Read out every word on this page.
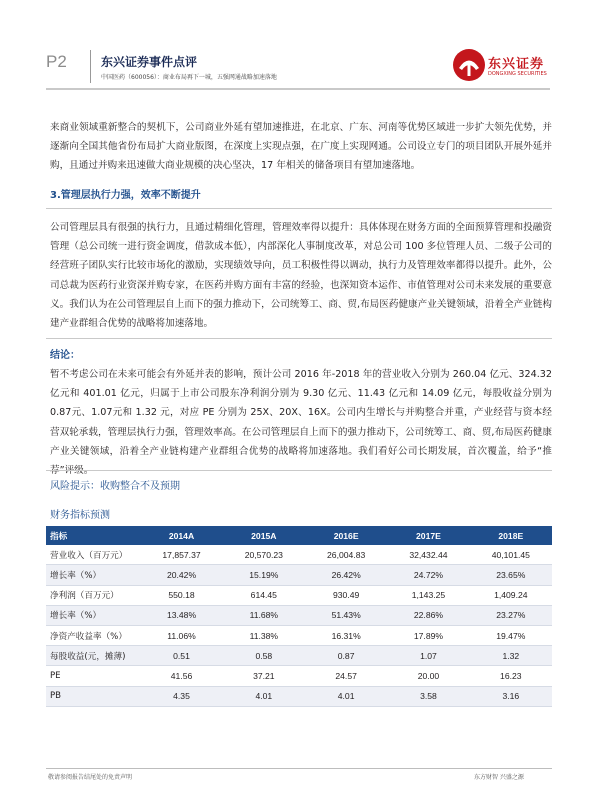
P2	东兴证券事件点评
中国医药（600056）：商业布局再下一城，五强网通战略加速落地
东兴证券
DONGXING SECURITIES

来商业领域重新整合的契机下，公司商业外延有望加速推进，在北京、广东、河南等优势区域进一步扩大领先优势，并逐渐向全国其他省份布局扩大商业版图，在深度上实现点强，在广度上实现网通。公司设立专门的项目团队开展外延并购，且通过并购来迅速做大商业规模的决心坚决，17 年相关的储备项目有望加速落地。

3.管理层执行力强，效率不断提升

公司管理层具有很强的执行力，且通过精细化管理，管理效率得以提升：具体体现在财务方面的全面预算管理和投融资管理（总公司统一进行资金调度，借款成本低），内部深化人事制度改革，对总公司 100 多位管理人员、二级子公司的经营班子团队实行比较市场化的激励，实现绩效导向，员工积极性得以调动，执行力及管理效率都得以提升。此外，公司总裁为医药行业资深并购专家，在医药并购方面有丰富的经验，也深知资本运作、市值管理对公司未来发展的重要意义。我们认为在公司管理层自上而下的强力推动下，公司统筹工、商、贸,布局医药健康产业关键领域，沿着全产业链构建产业群组合优势的战略将加速落地。

结论：

暂不考虑公司在未来可能会有外延并表的影响，预计公司 2016 年-2018 年的营业收入分别为 260.04 亿元、324.32 亿元和 401.01 亿元，归属于上市公司股东净利润分别为 9.30 亿元、11.43 亿元和 14.09 亿元，每股收益分别为 0.87元、1.07元和 1.32 元，对应 PE 分别为 25X、20X、16X。公司内生增长与并购整合并重，产业经营与资本经营双轮承载，管理层执行力强，管理效率高。在公司管理层自上而下的强力推动下，公司统筹工、商、贸,布局医药健康产业关键领域，沿着全产业链构建产业群组合优势的战略将加速落地。我们看好公司长期发展，首次覆盖，给予“推

风险提示：收购整合不及预期
财务指标预测
指标	2014A	2015A	2016E	2017E	2018E
营业收入（百万元）	17,857.37	20,570.23	26,004.83	32,432.44	40,101.45
增长率（%）	20.42%	15.19%	26.42%	24.72%	23.65%
净利润（百万元）	550.18	614.45	930.49	1,143.25	1,409.24
增长率（%）	13.48%	11.68%	51.43%	22.86%	23.27%
净资产收益率（%）	11.06%	11.38%	16.31%	17.89%	19.47%
每股收益(元，摊薄)	0.51	0.58	0.87	1.07	1.32
PE	41.56	37.21	24.57	20.00	16.23
PB	4.35	4.01	4.01	3.58	3.16
敬请参阅报告结尾处的免责声明	东方财智 兴盛之源
